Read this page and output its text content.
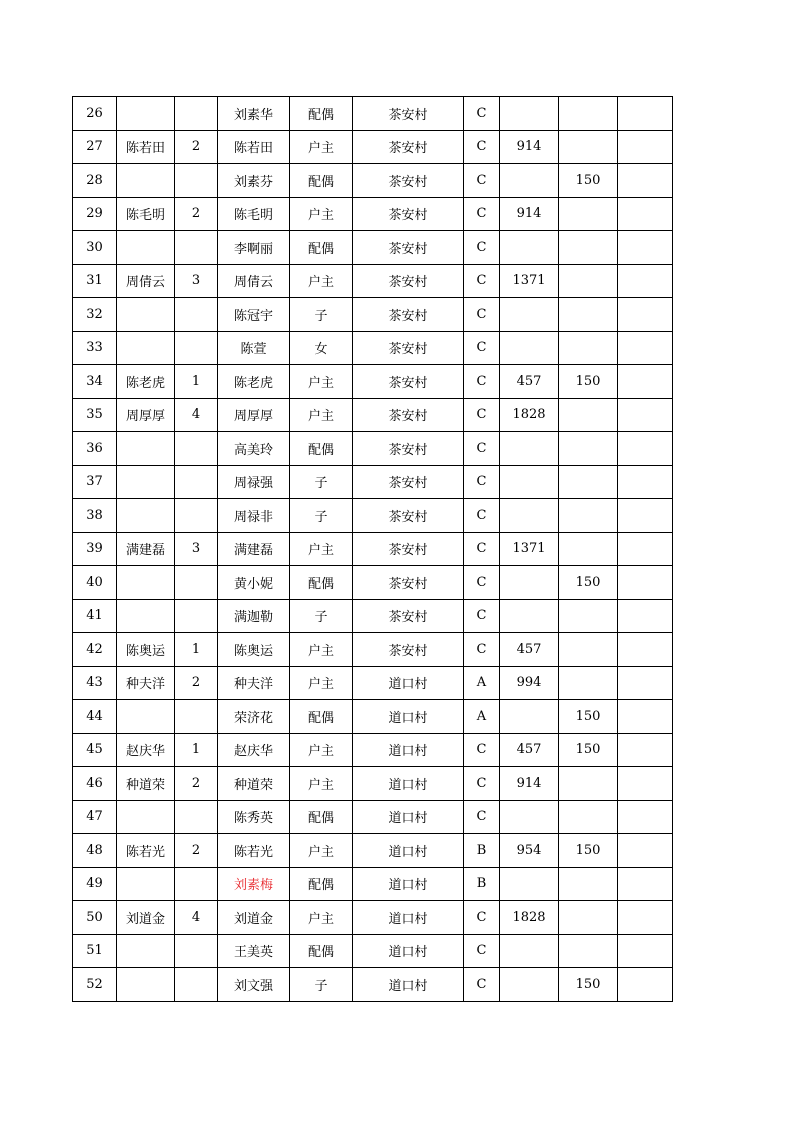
26			刘素华	配偶	茶安村	C			
27	陈若田	2	陈若田	户主	茶安村	C	914		
28			刘素芬	配偶	茶安村	C		150	
29	陈毛明	2	陈毛明	户主	茶安村	C	914		
30			李啊丽	配偶	茶安村	C			
31	周倩云	3	周倩云	户主	茶安村	C	1371		
32			陈冠宇	子	茶安村	C			
33			陈萱	女	茶安村	C			
34	陈老虎	1	陈老虎	户主	茶安村	C	457	150	
35	周厚厚	4	周厚厚	户主	茶安村	C	1828		
36			高美玲	配偶	茶安村	C			
37			周禄强	子	茶安村	C			
38			周禄非	子	茶安村	C			
39	满建磊	3	满建磊	户主	茶安村	C	1371		
40			黄小妮	配偶	茶安村	C		150	
41			满迦勒	子	茶安村	C			
42	陈奥运	1	陈奥运	户主	茶安村	C	457		
43	种夫洋	2	种夫洋	户主	道口村	A	994		
44			荣济花	配偶	道口村	A		150	
45	赵庆华	1	赵庆华	户主	道口村	C	457	150	
46	种道荣	2	种道荣	户主	道口村	C	914		
47			陈秀英	配偶	道口村	C			
48	陈若光	2	陈若光	户主	道口村	B	954	150	
49			刘素梅	配偶	道口村	B			
50	刘道金	4	刘道金	户主	道口村	C	1828		
51			王美英	配偶	道口村	C			
52			刘文强	子	道口村	C		150	
